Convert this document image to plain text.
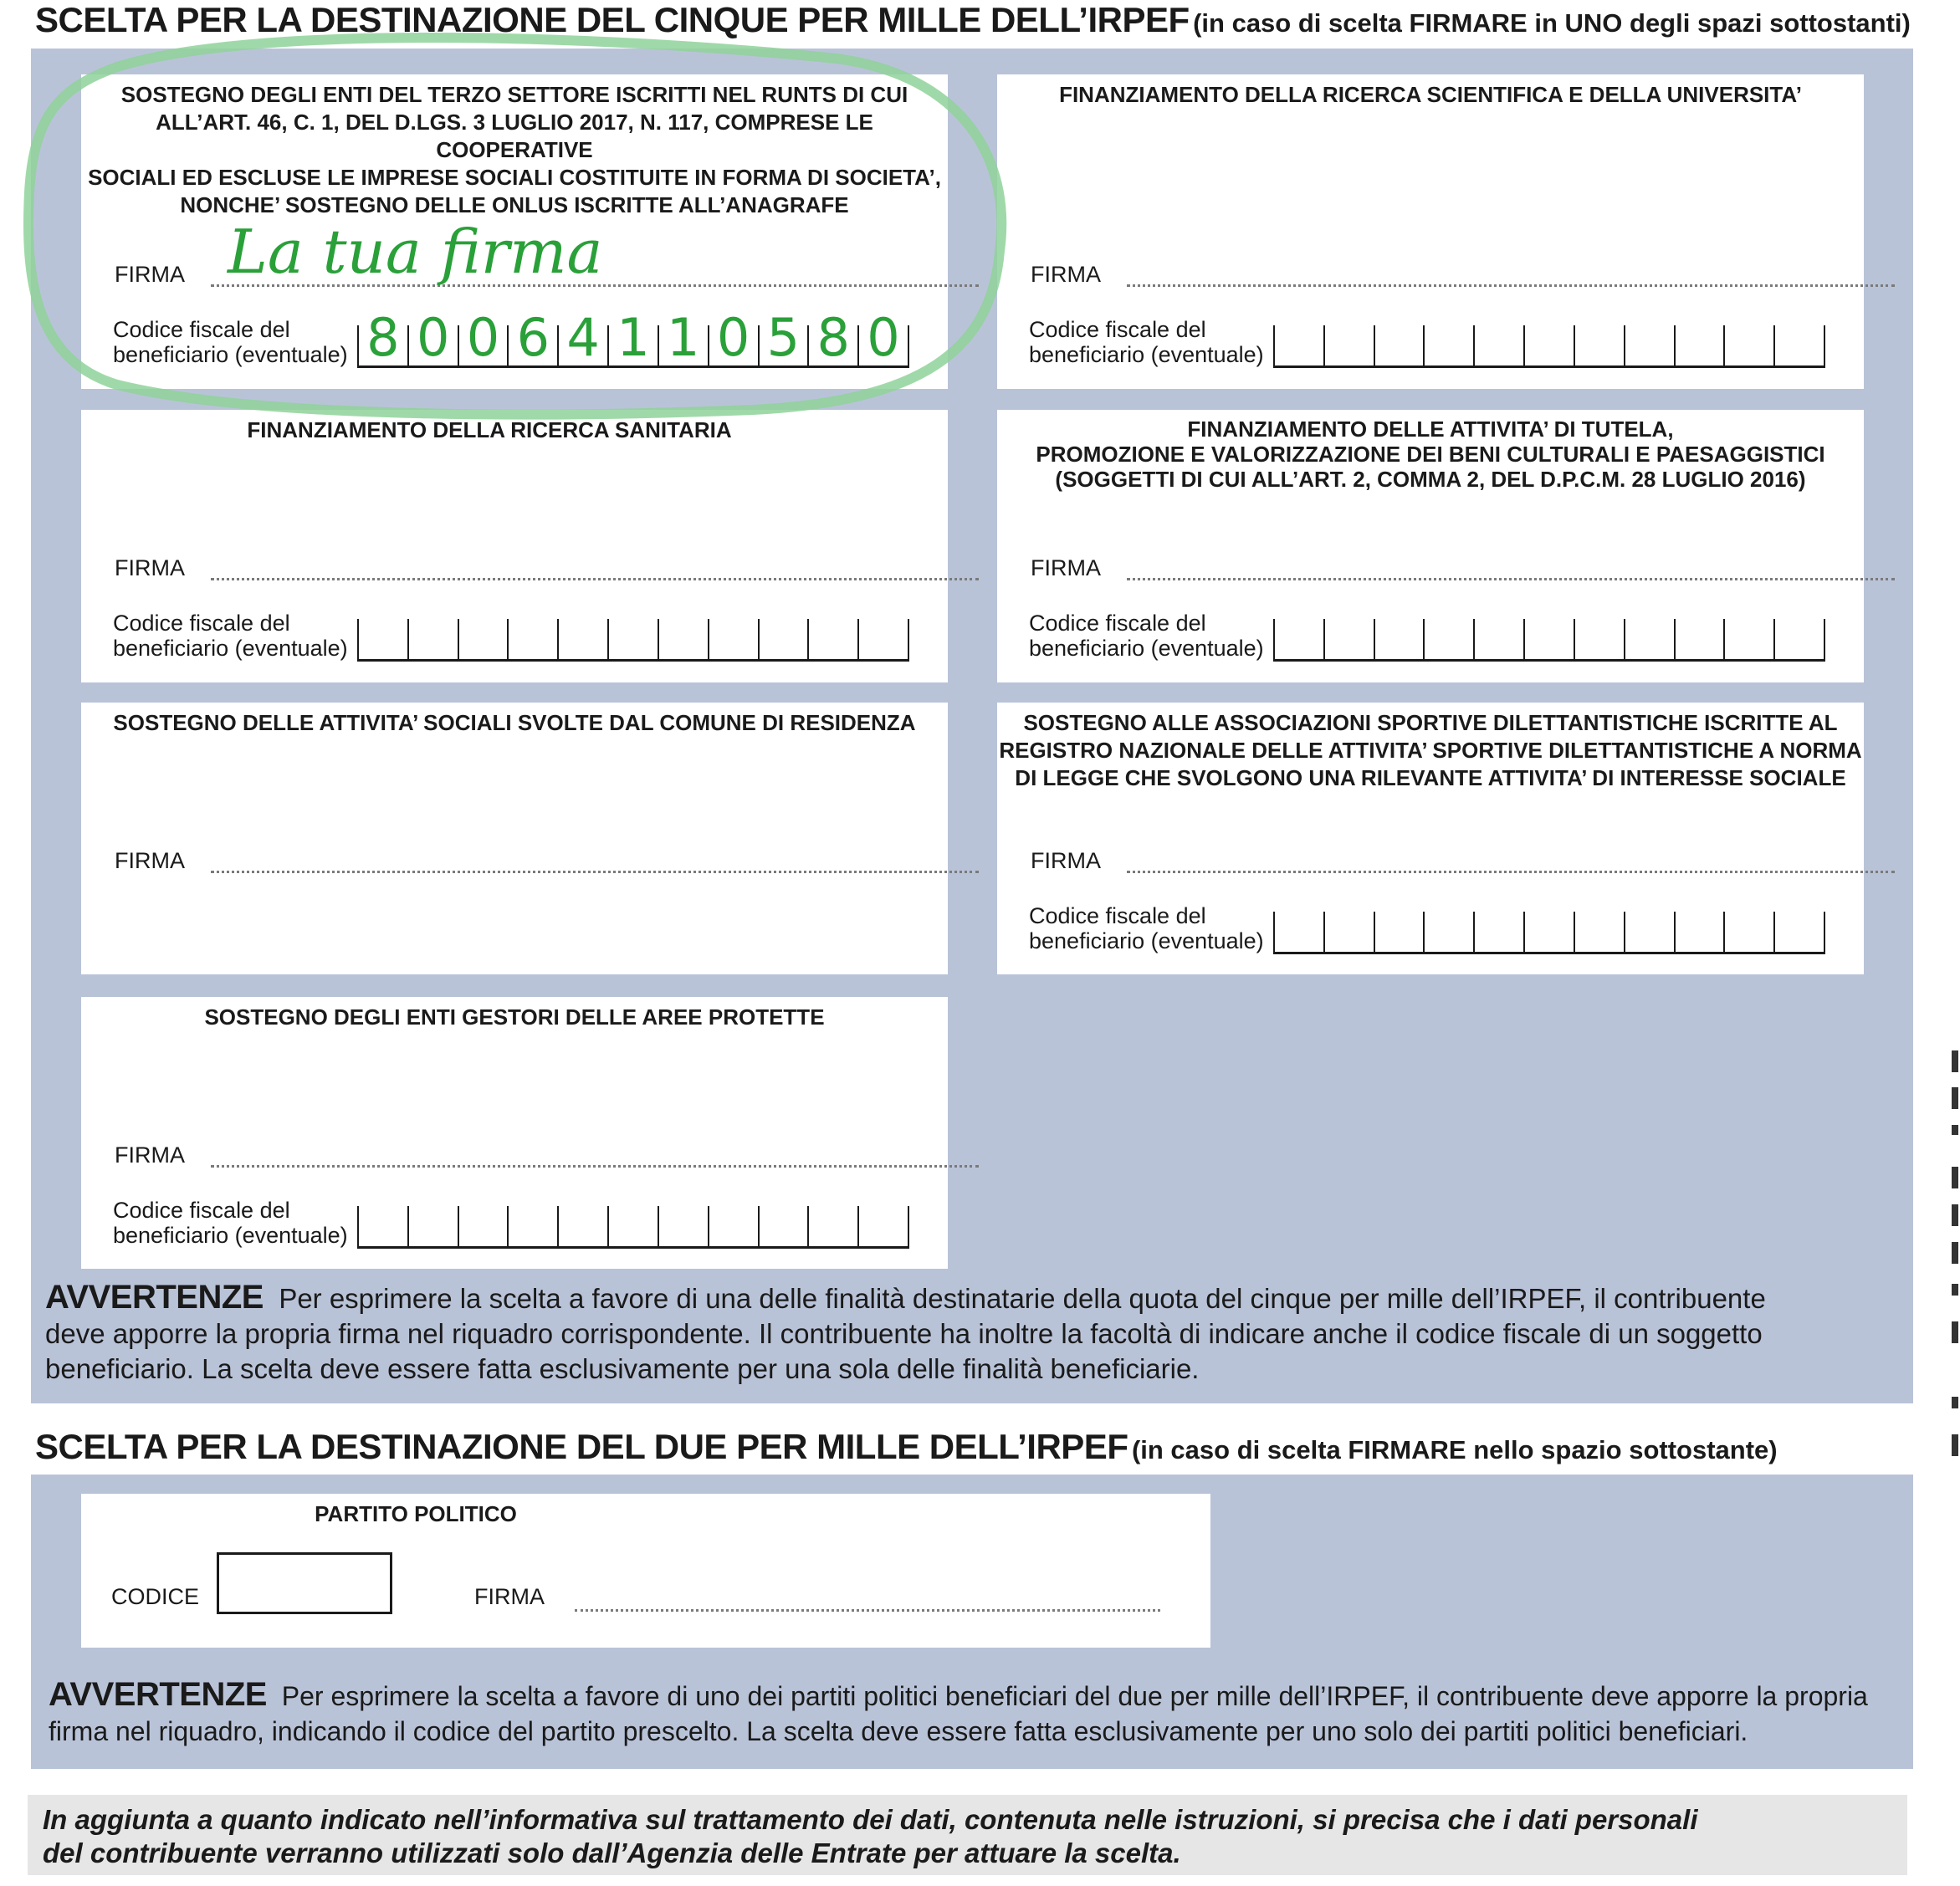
SCELTA PER LA DESTINAZIONE DEL CINQUE PER MILLE DELL’IRPEF (in caso di scelta FIRMARE in UNO degli spazi sottostanti)
SOSTEGNO DEGLI ENTI DEL TERZO SETTORE ISCRITTI NEL RUNTS DI CUI
ALL’ART. 46, C. 1, DEL D.LGS. 3 LUGLIO 2017, N. 117, COMPRESE LE COOPERATIVE
SOCIALI ED ESCLUSE LE IMPRESE SOCIALI COSTITUITE IN FORMA DI SOCIETA’,
NONCHE’ SOSTEGNO DELLE ONLUS ISCRITTE ALL’ANAGRAFE
FIRMA La tua firma
Codice fiscale del
beneficiario (eventuale) 8 0 0 6 4 1 1 0 5 8 0
FINANZIAMENTO DELLA RICERCA SCIENTIFICA E DELLA UNIVERSITA’
FIRMA
Codice fiscale del
beneficiario (eventuale)
FINANZIAMENTO DELLA RICERCA SANITARIA
FIRMA
Codice fiscale del
beneficiario (eventuale)
FINANZIAMENTO DELLE ATTIVITA’ DI TUTELA,
PROMOZIONE E VALORIZZAZIONE DEI BENI CULTURALI E PAESAGGISTICI
(SOGGETTI DI CUI ALL’ART. 2, COMMA 2, DEL D.P.C.M. 28 LUGLIO 2016)
FIRMA
Codice fiscale del
beneficiario (eventuale)
SOSTEGNO DELLE ATTIVITA’ SOCIALI SVOLTE DAL COMUNE DI RESIDENZA
FIRMA
SOSTEGNO ALLE ASSOCIAZIONI SPORTIVE DILETTANTISTICHE ISCRITTE AL
REGISTRO NAZIONALE DELLE ATTIVITA’ SPORTIVE DILETTANTISTICHE A NORMA
DI LEGGE CHE SVOLGONO UNA RILEVANTE ATTIVITA’ DI INTERESSE SOCIALE
FIRMA
Codice fiscale del
beneficiario (eventuale)
SOSTEGNO DEGLI ENTI GESTORI DELLE AREE PROTETTE
FIRMA
Codice fiscale del
beneficiario (eventuale)
AVVERTENZE Per esprimere la scelta a favore di una delle finalità destinatarie della quota del cinque per mille dell’IRPEF, il contribuente
deve apporre la propria firma nel riquadro corrispondente. Il contribuente ha inoltre la facoltà di indicare anche il codice fiscale di un soggetto
beneficiario. La scelta deve essere fatta esclusivamente per una sola delle finalità beneficiarie.
SCELTA PER LA DESTINAZIONE DEL DUE PER MILLE DELL’IRPEF (in caso di scelta FIRMARE nello spazio sottostante)
PARTITO POLITICO
CODICE	FIRMA
AVVERTENZE Per esprimere la scelta a favore di uno dei partiti politici beneficiari del due per mille dell’IRPEF, il contribuente deve apporre la propria
firma nel riquadro, indicando il codice del partito prescelto. La scelta deve essere fatta esclusivamente per uno solo dei partiti politici beneficiari.
In aggiunta a quanto indicato nell’informativa sul trattamento dei dati, contenuta nelle istruzioni, si precisa che i dati personali
del contribuente verranno utilizzati solo dall’Agenzia delle Entrate per attuare la scelta.
